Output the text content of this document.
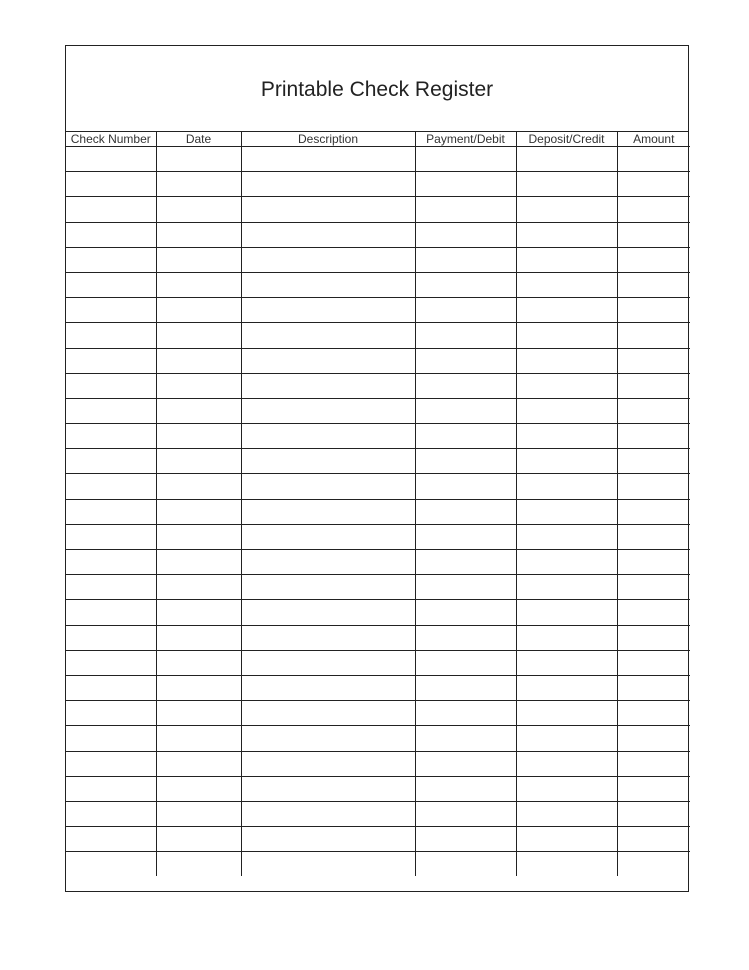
Printable Check Register
Check Number	Date	Description	Payment/Debit	Deposit/Credit	Amount
